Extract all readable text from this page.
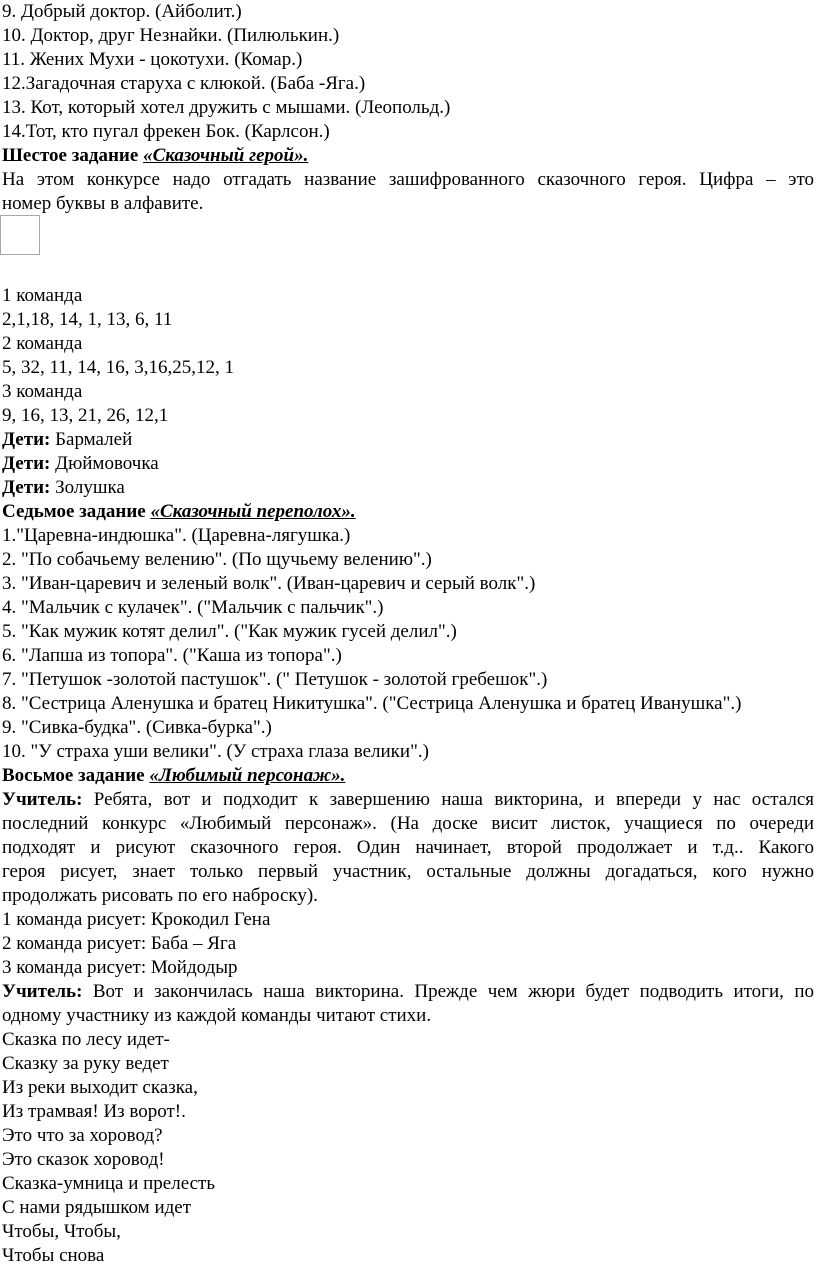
9. Добрый доктор. (Айболит.)
10. Доктор, друг Незнайки. (Пилюлькин.)
11. Жених Мухи - цокотухи. (Комар.)
12.Загадочная старуха с клюкой. (Баба -Яга.)
13. Кот, который хотел дружить с мышами. (Леопольд.)
14.Тот, кто пугал фрекен Бок. (Карлсон.)
Шестое задание «Сказочный герой».
На этом конкурсе надо отгадать название зашифрованного сказочного героя. Цифра – это
номер буквы в алфавите.
1 команда
2,1,18, 14, 1, 13, 6, 11
2 команда
5, 32, 11, 14, 16, 3,16,25,12, 1
3 команда
9, 16, 13, 21, 26, 12,1
Дети: Бармалей
Дети: Дюймовочка
Дети: Золушка
Седьмое задание «Сказочный переполох».
1."Царевна-индюшка". (Царевна-лягушка.)
2. "По собачьему велению". (По щучьему велению".)
3. "Иван-царевич и зеленый волк". (Иван-царевич и серый волк".)
4. "Мальчик с кулачек". ("Мальчик с пальчик".)
5. "Как мужик котят делил". ("Как мужик гусей делил".)
6. "Лапша из топора". ("Каша из топора".)
7. "Петушок -золотой пастушок". (" Петушок - золотой гребешок".)
8. "Сестрица Аленушка и братец Никитушка". ("Сестрица Аленушка и братец Иванушка".)
9. "Сивка-будка". (Сивка-бурка".)
10. "У страха уши велики". (У страха глаза велики".)
Восьмое задание «Любимый персонаж».
Учитель: Ребята, вот и подходит к завершению наша викторина, и впереди у нас остался
последний конкурс «Любимый персонаж». (На доске висит листок, учащиеся по очереди
подходят и рисуют сказочного героя. Один начинает, второй продолжает и т.д.. Какого
героя рисует, знает только первый участник, остальные должны догадаться, кого нужно
продолжать рисовать по его наброску).
1 команда рисует: Крокодил Гена
2 команда рисует: Баба – Яга
3 команда рисует: Мойдодыр
Учитель: Вот и закончилась наша викторина. Прежде чем жюри будет подводить итоги, по
одному участнику из каждой команды читают стихи.
Сказка по лесу идет-
Сказку за руку ведет
Из реки выходит сказка,
Из трамвая! Из ворот!.
Это что за хоровод?
Это сказок хоровод!
Сказка-умница и прелесть
С нами рядышком идет
Чтобы, Чтобы,
Чтобы снова
